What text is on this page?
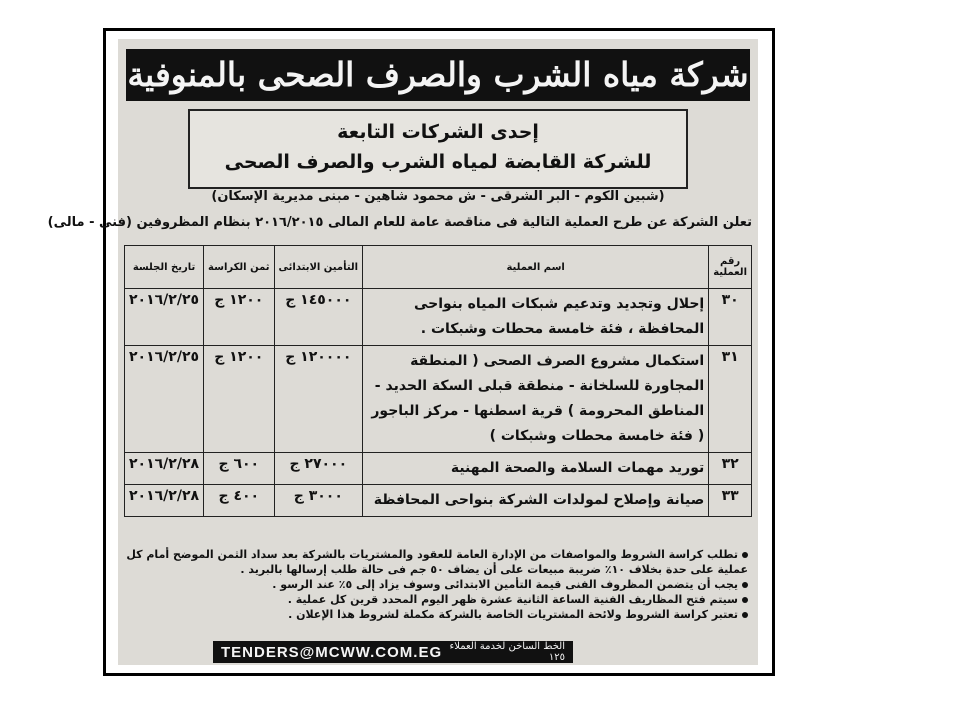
شركة مياه الشرب والصرف الصحى بالمنوفية
إحدى الشركات التابعة
للشركة القابضة لمياه الشرب والصرف الصحى
(شبين الكوم - البر الشرقى - ش محمود شاهين - مبنى مديرية الإسكان)
تعلن الشركة عن طرح العملية التالية فى مناقصة عامة للعام المالى ٢٠١٦/٢٠١٥ بنظام المظروفين (فنى - مالى)
رقم العملية	اسم العملية	التأمين الابتدائى	ثمن الكراسة	تاريخ الجلسة
٣٠	إحلال وتجديد وتدعيم شبكات المياه بنواحى المحافظة ، فئة خامسة محطات وشبكات .	١٤٥٠٠٠ ج	١٢٠٠ ج	٢٠١٦/٢/٢٥
٣١	استكمال مشروع الصرف الصحى ( المنطقة المجاورة للسلخانة - منطقة قبلى السكة الحديد - المناطق المحرومة ) قرية اسطنها - مركز الباجور ( فئة خامسة محطات وشبكات )	١٢٠٠٠٠ ج	١٢٠٠ ج	٢٠١٦/٢/٢٥
٣٢	توريد مهمات السلامة والصحة المهنية	٢٧٠٠٠ ج	٦٠٠ ج	٢٠١٦/٢/٢٨
٣٣	صيانة وإصلاح لمولدات الشركة بنواحى المحافظة	٣٠٠٠ ج	٤٠٠ ج	٢٠١٦/٢/٢٨
تطلب كراسة الشروط والمواصفات من الإدارة العامة للعقود والمشتريات بالشركة بعد سداد الثمن الموضح أمام كل
عملية على حدة بخلاف ١٠٪ ضريبة مبيعات على أن يضاف ٥٠ جم فى حالة طلب إرسالها بالبريد .
يجب أن يتضمن المظروف الفنى قيمة التأمين الابتدائى وسوف يزاد إلى ٥٪ عند الرسو .
سيتم فتح المظاريف الفنية الساعة الثانية عشرة ظهر اليوم المحدد قرين كل عملية .
تعتبر كراسة الشروط ولائحة المشتريات الخاصة بالشركة مكملة لشروط هذا الإعلان .
TENDERS@MCWW.COM.EG الخط الساخن لخدمة العملاء ١٢٥
